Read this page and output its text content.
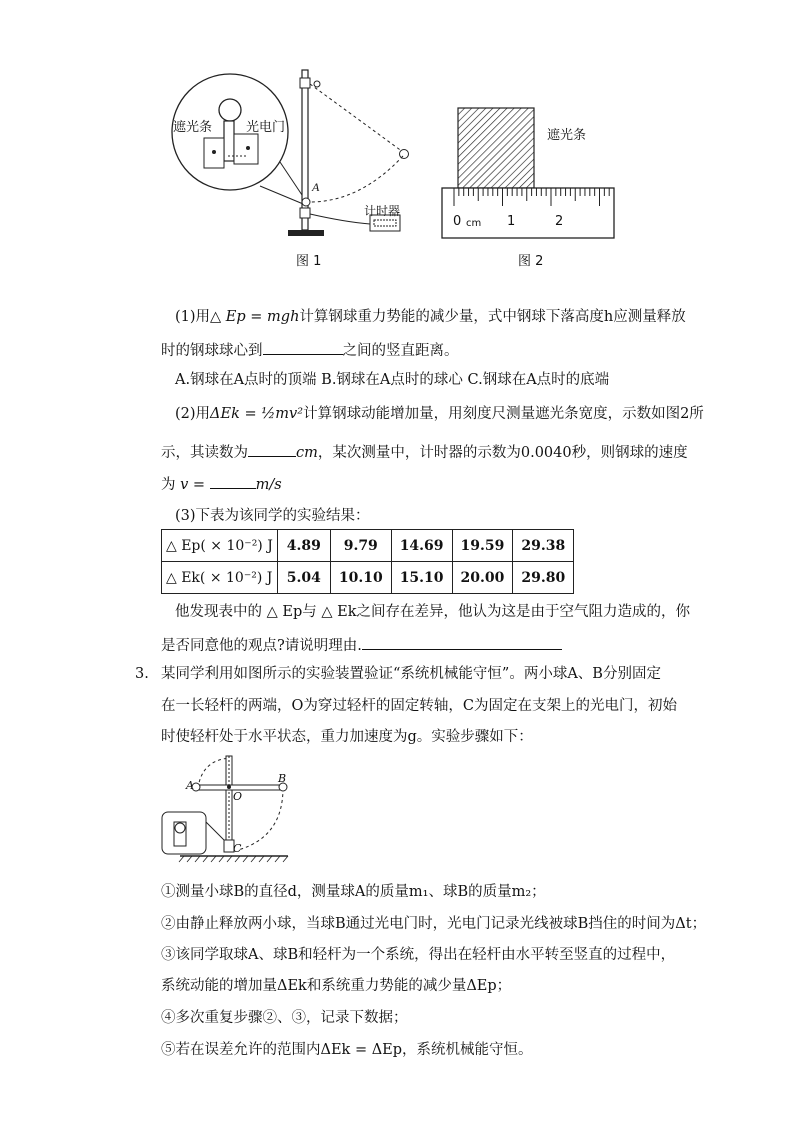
遮光条	光电门
A
计时器
图 1
遮光条
0 cm 1	2
图 2
(1)用△ Ep = mgh计算钢球重力势能的减少量，式中钢球下落高度h应测量释放
时的钢球球心到	之间的竖直距离。
A.钢球在A点时的顶端 B.钢球在A点时的球心 C.钢球在A点时的底端
(2)用ΔEk = ½mv²计算钢球动能增加量，用刻度尺测量遮光条宽度，示数如图2所
示，其读数为	cm，某次测量中，计时器的示数为0.0040秒，则钢球的速度
为 v =	m/s
(3)下表为该同学的实验结果：
△ Ep( × 10⁻²) J	4.89	9.79	14.69	19.59	29.38
△ Ek( × 10⁻²) J	5.04	10.10	15.10	20.00	29.80
他发现表中的 △ Ep与 △ Ek之间存在差异，他认为这是由于空气阻力造成的，你
是否同意他的观点?请说明理由.
3. 某同学利用如图所示的实验装置验证“系统机械能守恒”。两小球A、B分别固定
在一长轻杆的两端，O为穿过轻杆的固定转轴，C为固定在支架上的光电门，初始
时使轻杆处于水平状态，重力加速度为g。实验步骤如下：
A
B
O
C
①测量小球B的直径d，测量球A的质量m₁、球B的质量m₂；
②由静止释放两小球，当球B通过光电门时，光电门记录光线被球B挡住的时间为Δt；
③该同学取球A、球B和轻杆为一个系统，得出在轻杆由水平转至竖直的过程中，
系统动能的增加量ΔEk和系统重力势能的减少量ΔEp；
④多次重复步骤②、③，记录下数据；
⑤若在误差允许的范围内ΔEk = ΔEp，系统机械能守恒。
